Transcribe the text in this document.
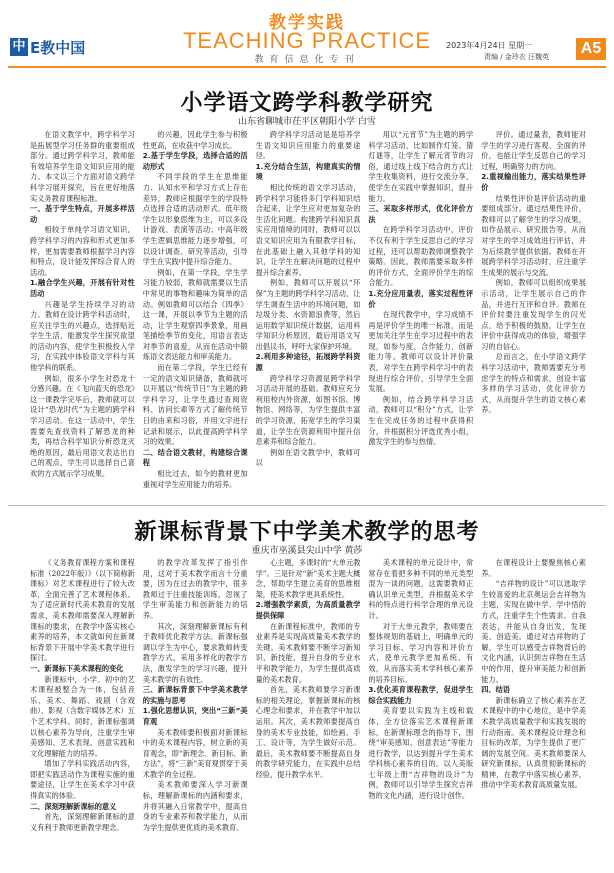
中 E教中国
教学实践
TEACHING PRACTICE
教育信息化专刊
2023年4月24日 星期一
责编 / 金玲衣 汪魏英 A5
小学语文跨学科教学研究
山东省聊城市茌平区朝阳小学 白雪

在语文教学中，跨学科学习是拓展型学习任务群的重要组成部分。通过跨学科学习，教师能有效培养学生语文知识应用的能力。本文以三个方面对语文跨学科学习展开探究，旨在更好地落实义务教育课程标准。

一、基于学生特点，开展多样活动

相较于单纯学习语文知识，跨学科学习的内容和形式更加多样，更加需要教师根据学习内容和特点，设计能发挥综合育人的活动。

1.融合学生兴趣，开展有针对性活动

兴趣是学生持续学习的动力。教师在设计跨学科活动时，应关注学生的兴趣点，选择贴近学生生活、能激发学生探究欲望的活动内容，使学生积极投入学习，在实践中体验语文学科与其他学科的联系。

例如，很多小学生对恐龙十分感兴趣。在《飞向蓝天的恐龙》这一课教学完毕后，教师就可以设计“恐龙时代”为主题的跨学科学习活动。在这一活动中，学生需要先查找资料了解恐龙的种类，再结合科学知识分析恐龙灭绝的原因，最后用语文表达出自己的观点，学生可以选择自己喜欢的方式展示学习成果。

的兴趣，因此学生参与积极性更高，在收获中学习成长。

2.基于学生学段，选择合适的活动形式

不同学段的学生在思维能力、认知水平和学习方式上存在差异，教师应根据学生的学段特点选择合适的活动形式。低年级学生以形象思维为主，可以多设计游戏、表演等活动；中高年级学生逻辑思维能力逐步增强，可以设计调查、研究等活动，引导学生在实践中提升综合能力。

例如，在第一学段，学生学习能力较弱，教师就需要以生活中常见的事物和趣味为简单的活动。例如教师可以结合《四季》这一课，开展以季节为主题的活动，让学生观察四季景象，用画笔描绘季节的变化，用语言表达对季节的喜爱，从而在活动中锻炼语文表达能力和审美能力。

而在第二学段，学生已经有一定的语文知识储备，教师就可以开展以“传统节日”为主题的跨学科学习，让学生通过查阅资料、访问长辈等方式了解传统节日的由来和习俗，并用文字进行记录和展示，以此提高跨学科学习的效果。

二、结合语文教材，构建综合课程

相比过去，如今的教材更加重视对学生应用能力的培养。

跨学科学习活动是是培养学生语文知识应用能力的重要途径。

1.充分结合生活，构建真实的情境

相比传统的语文学习活动，跨学科学习能将多门学科知识结合起来，让学生应对更加复杂的生活化问题。构建跨学科知识真实应用情境的同时，教师可以以语文知识应用为有限教学目标，在此基础上融入其他学科的知识，让学生在解决问题的过程中提升综合素养。

例如，教师可以开展以“环保”为主题的跨学科学习活动，让学生调查生活中的环境问题，如垃圾分类、水资源浪费等，然后运用数学知识统计数据，运用科学知识分析原因，最后用语文写出倡议书，呼吁大家保护环境。

2.利用多种途径，拓展跨学科资源

跨学科学习资源是跨学科学习活动开展的基础。教师应充分利用校内外资源，如图书馆、博物馆、网络等，为学生提供丰富的学习资源，拓宽学生的学习渠道，让学生在资源利用中提升信息素养和综合能力。

例如在语文教学中，教师可以

用以“元宵节”为主题的跨学科学习活动，比如制作灯笼、猜灯谜等，让学生了解元宵节的习俗，通过线上线下结合的方式让学生收集资料，进行交流分享，使学生在实践中掌握知识，提升能力。

三、采取多样形式，优化评价方法

在跨学科学习活动中，评价不仅有利于学生反思自己的学习过程，还可以帮助教师调整教学策略。因此，教师需要采取多样的评价方式，全面评价学生的综合能力。

1.充分应用量表，落实过程性评价

在现代教学中，学习成绩不再是评价学生的唯一标准，而是更加关注学生在学习过程中的表现，如参与度、合作能力、创新能力等。教师可以设计评价量表，对学生在跨学科学习中的表现进行综合评价，引导学生全面发展。

例如，结合跨学科学习活动，教师可以“积分”方式，让学生在完成任务的过程中获得积分，并根据积分评选优秀小组，激发学生的参与热情。

评价。通过量表，教师能对学生的学习进行客观、全面的评价，也能让学生反思自己的学习过程，明确努力的方向。

2.重视输出能力，落实结果性评价

结果性评价是评价活动的重要组成部分。通过结果性评价，教师可以了解学生的学习成果，如作品展示、研究报告等，从而对学生的学习成效进行评估，并为后续教学提供依据。教师在开展跨学科学习活动时，应注重学生成果的展示与交流。

例如，教师可以组织成果展示活动，让学生展示自己的作品，并进行互评和自评。教师在评价时要注重发现学生的闪光点，给予积极的鼓励，让学生在评价中获得成功的体验，增强学习的自信心。

总而言之，在小学语文跨学科学习活动中，教师需要充分考虑学生的特点和需求，创设丰富多样的学习活动，优化评价方式，从而提升学生的语文核心素养。

新课标背景下中学美术教学的思考
重庆市巫溪县尖山中学 黄莎

《义务教育课程方案和课程标准（2022年版）》（以下简称新课标）对艺术课程进行了较大改革，全面完善了艺术课程体系。为了适应新时代美术教育的发展需求，美术教师需要深入理解新课标的要求，在教学中落实核心素养的培养，本文就如何在新课标背景下开展中学美术教学进行探讨。

一、新课标下美术课程的变化

新课标中，小学、初中的艺术课程被整合为一体，包括音乐、美术、舞蹈、戏剧（含戏曲）、影视（含数字媒体艺术）五个艺术学科。同时，新课标强调以核心素养为导向，注重学生审美感知、艺术表现、创意实践和文化理解能力的培养。

增加了学科实践活动内容，即把实践活动作为课程实施的重要途径，让学生在美术学习中获得真实的体验。

二、深刻理解新课标的意义

首先，深刻理解新课标的意义有利于教师更新教学理念。

的教学改革发挥了指引作用，这对于美术教学而言十分重要，因为在过去的教学中，很多教师过于注重技能训练，忽视了学生审美能力和创新能力的培养。

其次，深刻理解新课标有利于教师优化教学方法。新课标强调以学生为中心，要求教师转变教学方式，采用多样化的教学方法，激发学生的学习兴趣，提升美术教学的有效性。

三、新课标背景下中学美术教学的实施与思考
1.强化思想认识，突出“三新”美育观

美术教师要积极面对新课标中的美术课程内容，树立新的美育观念，即“新理念、新目标、新方法”，将“三新”美育观贯穿于美术教学的全过程。

美术教师要深入学习新课标，理解新课标的内涵和要求，并将其融入日常教学中，提高自身的专业素养和教学能力，从而为学生提供更优质的美术教育。

心主题，多课时的“大单元教学”。三是针对“新”美术主题大概念，帮助学生建立美育的思维框架，使美术教学更具系统性。

2.增强教学素质，为高质量教学提供保障

在新课程标准中，教师的专业素养是实现高质量美术教学的关键。美术教师要不断学习新知识、新技能，提升自身的专业水平和教学能力，为学生提供高质量的美术教育。

首先，美术教师要学习新课标的相关理论，掌握新课标的核心理念和要求，并在教学中加以运用。其次，美术教师要提高自身的美术专业技能，如绘画、手工、设计等，为学生做好示范。最后，美术教师要不断提高自身的教学研究能力，在实践中总结经验，提升教学水平。

美术课程的单元设计中，常常存在着把多种不同的单元类型混为一谈的问题，这需要教师正确认识单元类型，并根据美术学科的特点进行科学合理的单元设计。

对于大单元教学，教师要在整体规划的基础上，明确单元的学习目标、学习内容和评价方式，使单元教学更加系统、有效，从而落实美术学科核心素养的培养目标。

3.优化美育课程教学，促进学生综合实践能力

美育要以实践为主线和载体，全方位落实艺术课程新课标，在新课标理念的指导下，围绕“审美感知、创意表达”等能力进行教学，以达到提升学生美术学科核心素养的目的。以人美版七年级上册“吉祥物的设计”为例，教师可以引导学生探究吉祥物的文化内涵，进行设计创作。

在课程设计上要聚焦核心素养。

“吉祥物的设计”可以选取学生较喜爱的北京奥运会吉祥物为主题，实现在做中学、学中悟的方式，注重学生个性需求、自我表达，并能从自身出发，发现美、创造美。通过对吉祥物的了解，学生可以感受吉祥物背后的文化内涵，认识到吉祥物在生活中的作用，提升审美能力和创新能力。

四、结语

新课标确立了核心素养在艺术课程中的中心地位，是中学美术教学高质量教学和实践发展的行动指南。美术课程设计理念和目标的改革，为学生提供了更广阔的发展空间。美术教师要深入研究新课标，认真贯彻新课标的精神，在教学中落实核心素养，推动中学美术教育高质量发展。
